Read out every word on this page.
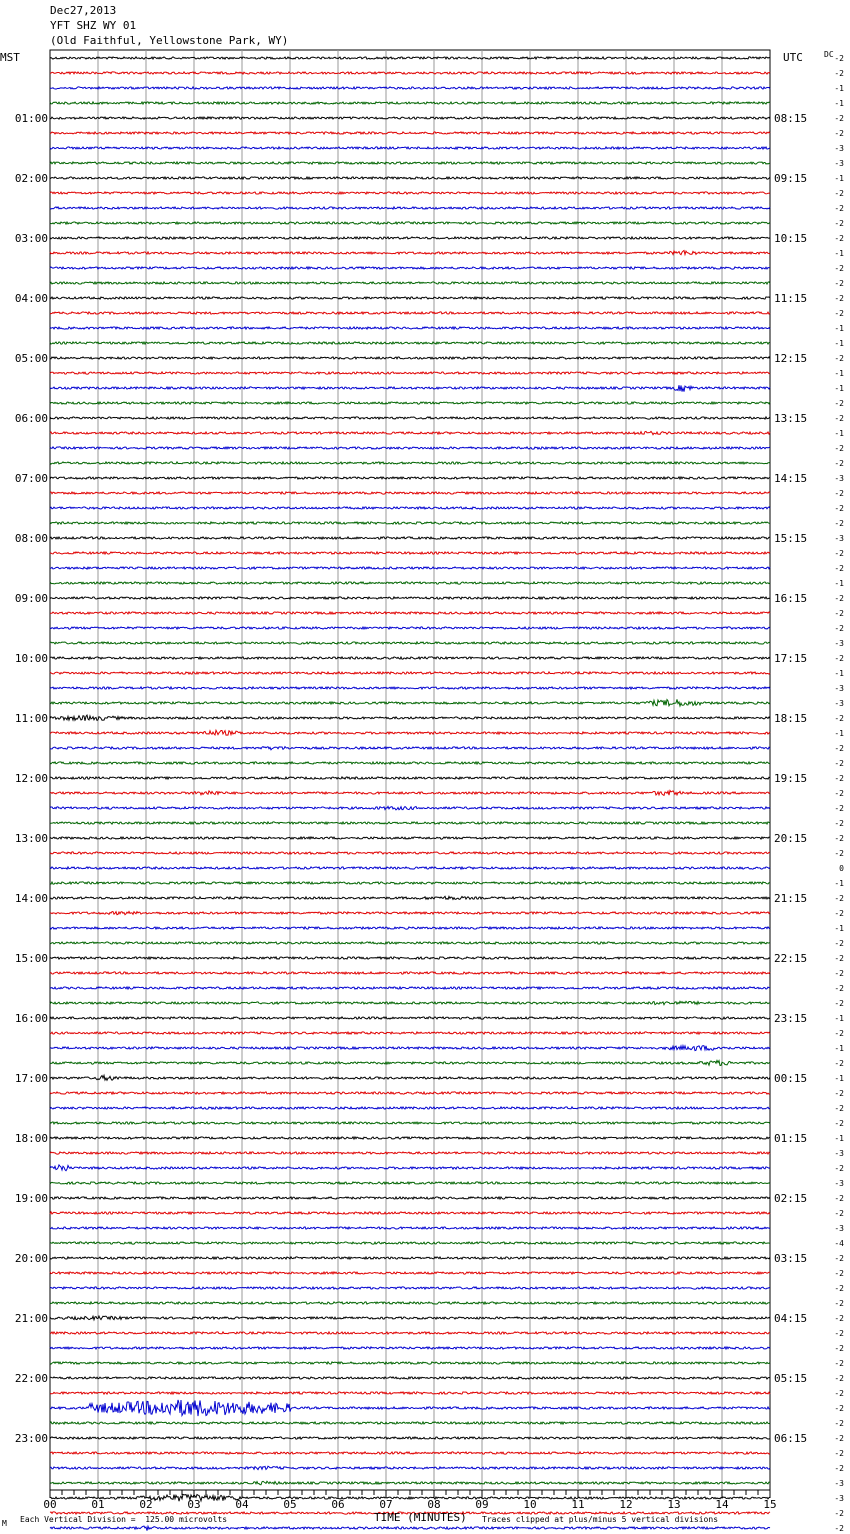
Dec27,2013
YFT SHZ WY 01
(Old Faithful, Yellowstone Park, WY)
00	01	02	03	04	05	06	07	08	09	10	11	12	13	14	15
MST	UTC	DC
01:00
02:00
03:00
04:00
05:00
06:00
07:00
08:00
09:00
10:00
11:00
12:00
13:00
14:00
15:00
16:00
17:00
18:00
19:00
20:00
21:00
22:00
23:00
08:15
09:15
10:15
11:15
12:15
13:15
14:15
15:15
16:15
17:15
18:15
19:15
20:15
21:15
22:15
23:15
00:15
01:15
02:15
03:15
04:15
05:15
06:15
-2
-2
-1
-1
-2
-2
-3
-3
-1
-2
-2
-2
-2
-1
-2
-2
-2
-2
-1
-1
-2
-1
-1
-2
-2
-1
-2
-2
-3
-2
-2
-2
-3
-2
-2
-1
-2
-2
-2
-3
-2
-1
-3
-3
-2
-1
-2
-2
-2
-2
-2
-2
-2
-2
0
-1
-2
-2
-1
-2
-2
-2
-2
-2
-1
-2
-1
-2
-1
-2
-2
-2
-1
-3
-2
-3
-2
-2
-3
-4
-2
-2
-2
-2
-2
-2
-2
-2
-2
-2
-2
-2
-2
-2
-2
-3
-3
-2
-2
M Each Vertical Division =  125.00 microvolts	TIME (MINUTES) Traces clipped at plus/minus 5 vertical divisions
